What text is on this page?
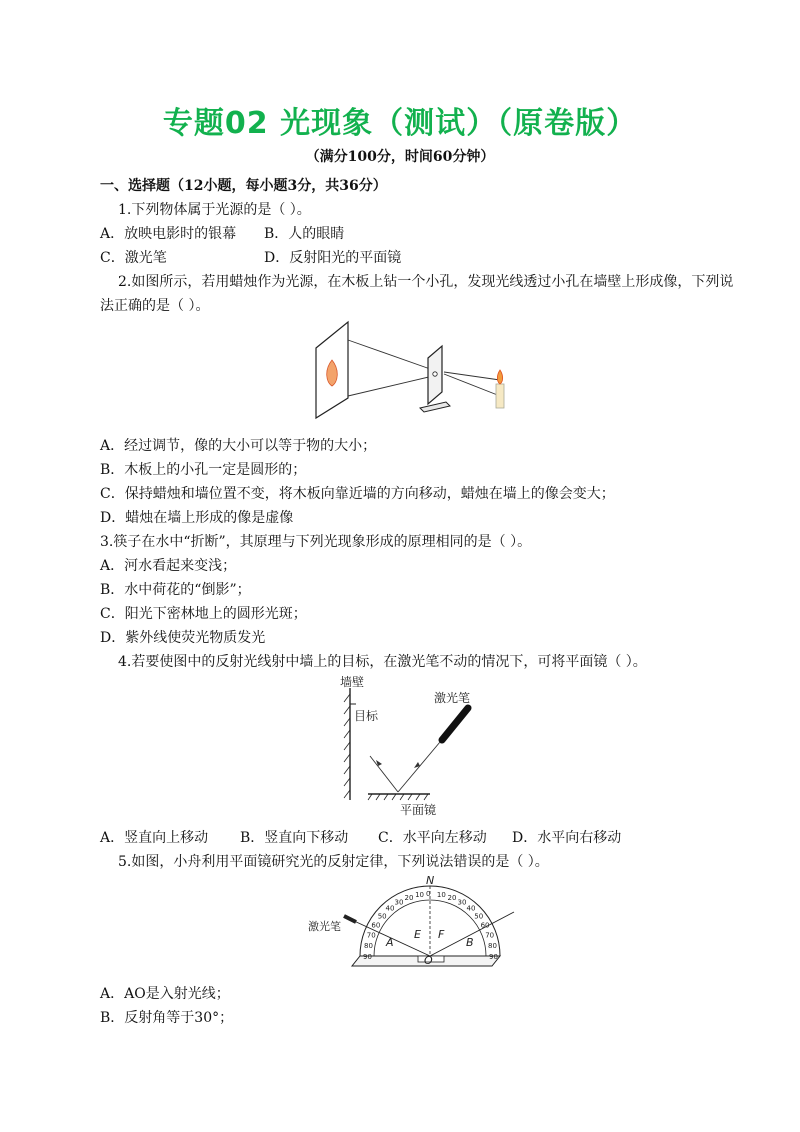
专题02 光现象（测试）（原卷版）
（满分100分，时间60分钟）
一、选择题（12小题，每小题3分，共36分）
1.下列物体属于光源的是（ ）。
A．放映电影时的银幕 B．人的眼睛
C．激光笔	D．反射阳光的平面镜
2.如图所示，若用蜡烛作为光源，在木板上钻一个小孔，发现光线透过小孔在墙壁上形成像，下列说
法正确的是（ ）。
A．经过调节，像的大小可以等于物的大小；
B．木板上的小孔一定是圆形的；
C．保持蜡烛和墙位置不变，将木板向靠近墙的方向移动，蜡烛在墙上的像会变大；
D．蜡烛在墙上形成的像是虚像
3.筷子在水中“折断”，其原理与下列光现象形成的原理相同的是（ ）。
A．河水看起来变浅；
B．水中荷花的“倒影”；
C．阳光下密林地上的圆形光斑；
D．紫外线使荧光物质发光
4.若要使图中的反射光线射中墙上的目标，在激光笔不动的情况下，可将平面镜（ ）。
墙壁
目标
激光笔
平面镜
A．竖直向上移动 B．竖直向下移动 C．水平向左移动 D．水平向右移动
5.如图，小舟利用平面镜研究光的反射定律，下列说法错误的是（ ）。
0
10 10
20	20
30	30
40	40
50	50
60	60
70	70
80	80
90	90
激光笔
N
A
E F
B
O
A．AO是入射光线；
B．反射角等于30°；
